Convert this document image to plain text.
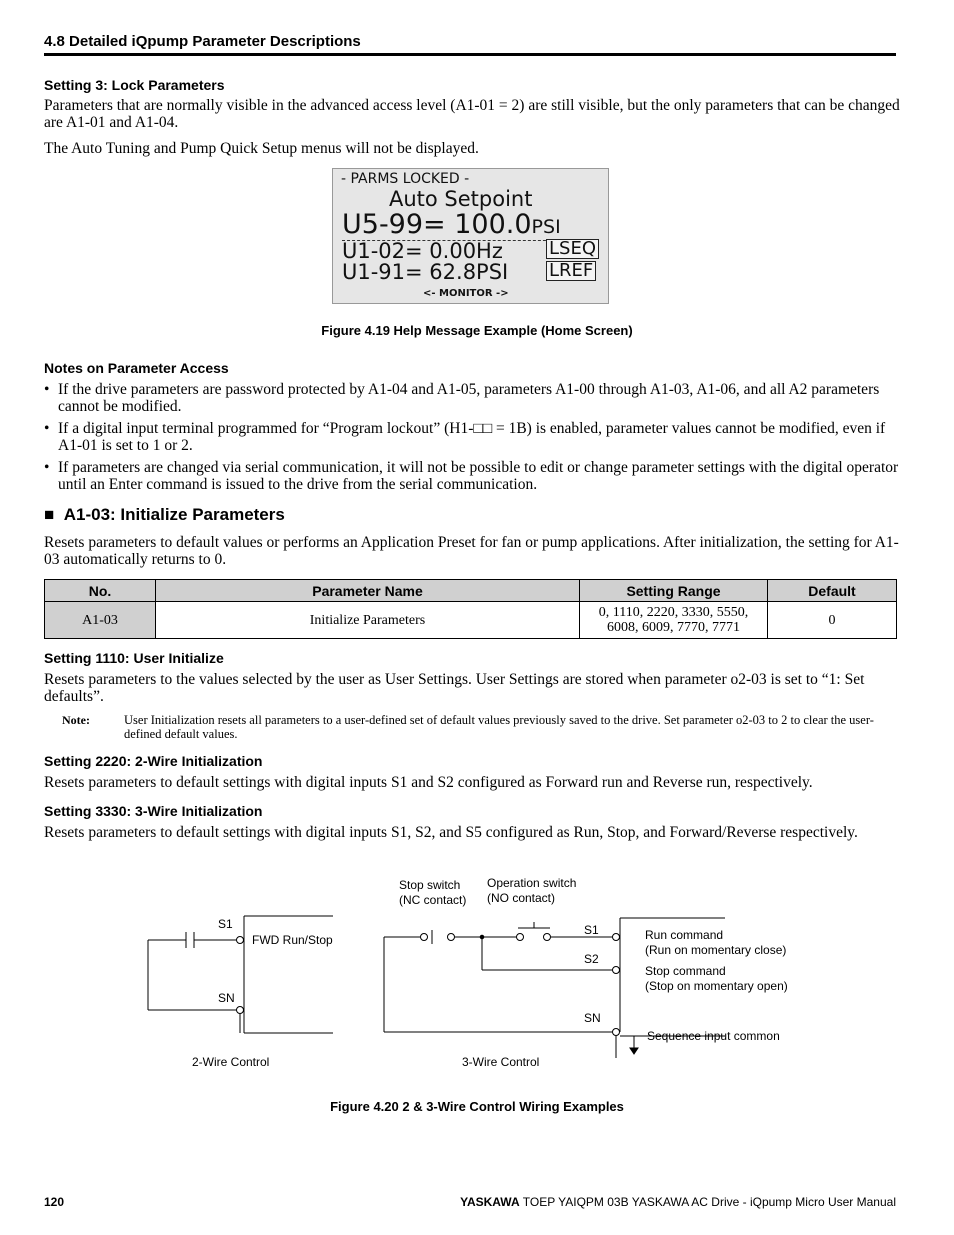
4.8 Detailed iQpump Parameter Descriptions
Setting 3: Lock Parameters
Parameters that are normally visible in the advanced access level (A1-01 = 2) are still visible, but the only parameters that can be changed are A1-01 and A1-04.
The Auto Tuning and Pump Quick Setup menus will not be displayed.
- PARMS LOCKED -
Auto Setpoint
U5-99= 100.0PSI
U1-02= 0.00Hz	LSEQ
U1-91= 62.8PSI LREF
<- MONITOR ->
Figure 4.19 Help Message Example (Home Screen)
Notes on Parameter Access
• If the drive parameters are password protected by A1-04 and A1-05, parameters A1-00 through A1-03, A1-06, and all A2 parameters cannot be modified.
• If a digital input terminal programmed for “Program lockout” (H1-□□ = 1B) is enabled, parameter values cannot be modified, even if A1-01 is set to 1 or 2.
• If parameters are changed via serial communication, it will not be possible to edit or change parameter settings with the digital operator until an Enter command is issued to the drive from the serial communication.
■ A1-03: Initialize Parameters
Resets parameters to default values or performs an Application Preset for fan or pump applications. After initialization, the setting for A1-03 automatically returns to 0.
No.	Parameter Name	Setting Range	Default
A1-03	Initialize Parameters	0, 1110, 2220, 3330, 5550,
6008, 6009, 7770, 7771	0
Setting 1110: User Initialize
Resets parameters to the values selected by the user as User Settings. User Settings are stored when parameter o2-03 is set to “1: Set defaults”.
Note:	User Initialization resets all parameters to a user-defined set of default values previously saved to the drive. Set parameter o2-03 to 2 to clear the user-defined default values.
Setting 2220: 2-Wire Initialization
Resets parameters to default settings with digital inputs S1 and S2 configured as Forward run and Reverse run, respectively.
Setting 3330: 3-Wire Initialization
Resets parameters to default settings with digital inputs S1, S2, and S5 configured as Run, Stop, and Forward/Reverse respectively.
S1
FWD Run/Stop
SN
2-Wire Control
Stop switch
(NC contact)
Operation switch
(NO contact)
S1
S2
SN
Run command
(Run on momentary close)
Stop command
(Stop on momentary open)
Sequence input common
3-Wire Control
Figure 4.20 2 & 3-Wire Control Wiring Examples
120	YASKAWA TOEP YAIQPM 03B YASKAWA AC Drive - iQpump Micro User Manual
